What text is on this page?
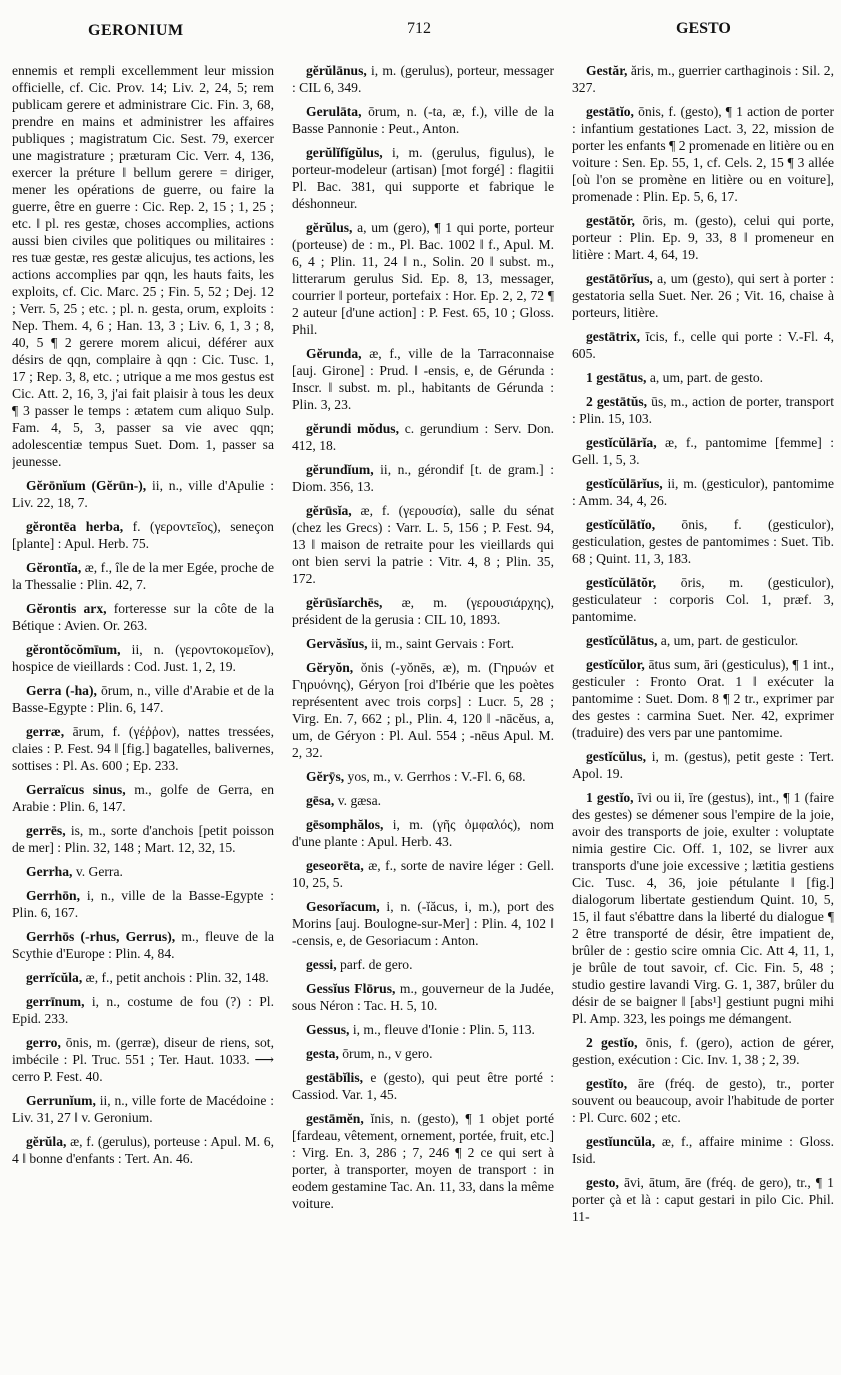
GERONIUM	712	GESTO

ennemis et rempli excellemment leur mission officielle, cf. Cic. Prov. 14; Liv. 2, 24, 5; rem publicam gerere et administrare Cic. Fin. 3, 68, prendre en mains et administrer les affaires publiques ; magistratum Cic. Sest. 79, exercer une magistrature ; præturam Cic. Verr. 4, 136, exercer la préture ‖ bellum gerere = diriger, mener les opérations de guerre, ou faire la guerre, être en guerre : Cic. Rep. 2, 15 ; 1, 25 ; etc. ‖ pl. res gestæ, choses accomplies, actions aussi bien civiles que politiques ou militaires : res tuæ gestæ, res gestæ alicujus, tes actions, les actions accomplies par qqn, les hauts faits, les exploits, cf. Cic. Marc. 25 ; Fin. 5, 52 ; Dej. 12 ; Verr. 5, 25 ; etc. ; pl. n. gesta, orum, exploits : Nep. Them. 4, 6 ; Han. 13, 3 ; Liv. 6, 1, 3 ; 8, 40, 5 ¶ 2 gerere morem alicui, déférer aux désirs de qqn, complaire à qqn : Cic. Tusc. 1, 17 ; Rep. 3, 8, etc. ; utrique a me mos gestus est Cic. Att. 2, 16, 3, j'ai fait plaisir à tous les deux ¶ 3 passer le temps : ætatem cum aliquo Sulp. Fam. 4, 5, 3, passer sa vie avec qqn; adolescentiæ tempus Suet. Dom. 1, passer sa jeunesse.

Gĕrōnĭum (Gĕrūn-), ii, n., ville d'Apulie : Liv. 22, 18, 7.

gĕrontēa herba, f. (γεροντεῖος), seneçon [plante] : Apul. Herb. 75.

Gĕrontĭa, æ, f., île de la mer Egée, proche de la Thessalie : Plin. 42, 7.

Gĕrontis arx, forteresse sur la côte de la Bétique : Avien. Or. 263.

gĕrontŏcŏmīum, ii, n. (γεροντοκομεῖον), hospice de vieillards : Cod. Just. 1, 2, 19.

Gerra (-ha), ōrum, n., ville d'Arabie et de la Basse-Egypte : Plin. 6, 147.

gerræ, ārum, f. (γέῤῥον), nattes tressées, claies : P. Fest. 94 ‖ [fig.] bagatelles, balivernes, sottises : Pl. As. 600 ; Ep. 233.

Gerraïcus sinus, m., golfe de Gerra, en Arabie : Plin. 6, 147.

gerrēs, is, m., sorte d'anchois [petit poisson de mer] : Plin. 32, 148 ; Mart. 12, 32, 15.

Gerrha, v. Gerra.

Gerrhōn, i, n., ville de la Basse-Egypte : Plin. 6, 167.

Gerrhōs (-rhus, Gerrus), m., fleuve de la Scythie d'Europe : Plin. 4, 84.

gerrĭcŭla, æ, f., petit anchois : Plin. 32, 148.

gerrīnum, i, n., costume de fou (?) : Pl. Epid. 233.

gerro, ōnis, m. (gerræ), diseur de riens, sot, imbécile : Pl. Truc. 551 ; Ter. Haut. 1033. ⟶ cerro P. Fest. 40.

Gerrunĭum, ii, n., ville forte de Macédoine : Liv. 31, 27 ‖ v. Geronium.

gĕrŭla, æ, f. (gerulus), porteuse : Apul. M. 6, 4 ‖ bonne d'enfants : Tert. An. 46.

gĕrŭlānus, i, m. (gerulus), porteur, messager : CIL 6, 349.

Gerulāta, ōrum, n. (-ta, æ, f.), ville de la Basse Pannonie : Peut., Anton.

gerŭlĭfĭgŭlus, i, m. (gerulus, figulus), le porteur-modeleur (artisan) [mot forgé] : flagitii Pl. Bac. 381, qui supporte et fabrique le déshonneur.

gĕrŭlus, a, um (gero), ¶ 1 qui porte, porteur (porteuse) de : m., Pl. Bac. 1002 ‖ f., Apul. M. 6, 4 ; Plin. 11, 24 ‖ n., Solin. 20 ‖ subst. m., litterarum gerulus Sid. Ep. 8, 13, messager, courrier ‖ porteur, portefaix : Hor. Ep. 2, 2, 72 ¶ 2 auteur [d'une action] : P. Fest. 65, 10 ; Gloss. Phil.

Gĕrunda, æ, f., ville de la Tarraconnaise [auj. Girone] : Prud. ‖ -ensis, e, de Gérunda : Inscr. ‖ subst. m. pl., habitants de Gérunda : Plin. 3, 23.

gĕrundi mŏdus, c. gerundium : Serv. Don. 412, 18.

gĕrundĭum, ii, n., gérondif [t. de gram.] : Diom. 356, 13.

gĕrūsĭa, æ, f. (γερουσία), salle du sénat (chez les Grecs) : Varr. L. 5, 156 ; P. Fest. 94, 13 ‖ maison de retraite pour les vieillards qui ont bien servi la patrie : Vitr. 4, 8 ; Plin. 35, 172.

gĕrūsĭarchēs, æ, m. (γερουσιάρχης), président de la gerusia : CIL 10, 1893.

Gervăsĭus, ii, m., saint Gervais : Fort.

Gĕryŏn, ŏnis (-yŏnēs, æ), m. (Γηρυών et Γηρυόνης), Géryon [roi d'Ibérie que les poètes représentent avec trois corps] : Lucr. 5, 28 ; Virg. En. 7, 662 ; pl., Plin. 4, 120 ‖ -nācĕus, a, um, de Géryon : Pl. Aul. 554 ; -nēus Apul. M. 2, 32.

Gĕrȳs, yos, m., v. Gerrhos : V.-Fl. 6, 68.

gēsa, v. gæsa.

gēsomphălos, i, m. (γῆς ὀμφαλός), nom d'une plante : Apul. Herb. 43.

geseorēta, æ, f., sorte de navire léger : Gell. 10, 25, 5.

Gesorĭacum, i, n. (-ĭăcus, i, m.), port des Morins [auj. Boulogne-sur-Mer] : Plin. 4, 102 ‖ -censis, e, de Gesoriacum : Anton.

gessi, parf. de gero.

Gessĭus Flōrus, m., gouverneur de la Judée, sous Néron : Tac. H. 5, 10.

Gessus, i, m., fleuve d'Ionie : Plin. 5, 113.

gesta, ōrum, n., v gero.

gestābĭlis, e (gesto), qui peut être porté : Cassiod. Var. 1, 45.

gestāmĕn, ĭnis, n. (gesto), ¶ 1 objet porté [fardeau, vêtement, ornement, portée, fruit, etc.] : Virg. En. 3, 286 ; 7, 246 ¶ 2 ce qui sert à porter, à transporter, moyen de transport : in eodem gestamine Tac. An. 11, 33, dans la même voiture.

Gestăr, ăris, m., guerrier carthaginois : Sil. 2, 327.

gestātĭo, ōnis, f. (gesto), ¶ 1 action de porter : infantium gestationes Lact. 3, 22, mission de porter les enfants ¶ 2 promenade en litière ou en voiture : Sen. Ep. 55, 1, cf. Cels. 2, 15 ¶ 3 allée [où l'on se promène en litière ou en voiture], promenade : Plin. Ep. 5, 6, 17.

gestātŏr, ōris, m. (gesto), celui qui porte, porteur : Plin. Ep. 9, 33, 8 ‖ promeneur en litière : Mart. 4, 64, 19.

gestātōrĭus, a, um (gesto), qui sert à porter : gestatoria sella Suet. Ner. 26 ; Vit. 16, chaise à porteurs, litière.

gestātrix, īcis, f., celle qui porte : V.-Fl. 4, 605.

1 gestātus, a, um, part. de gesto.

2 gestātŭs, ūs, m., action de porter, transport : Plin. 15, 103.

gestĭcŭlārĭa, æ, f., pantomime [femme] : Gell. 1, 5, 3.

gestĭcŭlārĭus, ii, m. (gesticulor), pantomime : Amm. 34, 4, 26.

gestĭcŭlātĭo, ōnis, f. (gesticulor), gesticulation, gestes de pantomimes : Suet. Tib. 68 ; Quint. 11, 3, 183.

gestĭcŭlātŏr, ōris, m. (gesticulor), gesticulateur : corporis Col. 1, præf. 3, pantomime.

gestĭcŭlātus, a, um, part. de gesticulor.

gestĭcŭlor, ātus sum, āri (gesticulus), ¶ 1 int., gesticuler : Fronto Orat. 1 ‖ exécuter la pantomime : Suet. Dom. 8 ¶ 2 tr., exprimer par des gestes : carmina Suet. Ner. 42, exprimer (traduire) des vers par une pantomime.

gestĭcŭlus, i, m. (gestus), petit geste : Tert. Apol. 19.

1 gestĭo, īvi ou ii, īre (gestus), int., ¶ 1 (faire des gestes) se démener sous l'empire de la joie, avoir des transports de joie, exulter : voluptate nimia gestire Cic. Off. 1, 102, se livrer aux transports d'une joie excessive ; lætitia gestiens Cic. Tusc. 4, 36, joie pétulante ‖ [fig.] dialogorum libertate gestiendum Quint. 10, 5, 15, il faut s'ébattre dans la liberté du dialogue ¶ 2 être transporté de désir, être impatient de, brûler de : gestio scire omnia Cic. Att 4, 11, 1, je brûle de tout savoir, cf. Cic. Fin. 5, 48 ; studio gestire lavandi Virg. G. 1, 387, brûler du désir de se baigner ‖ [abs¹] gestiunt pugni mihi Pl. Amp. 323, les poings me démangent.

2 gestĭo, ōnis, f. (gero), action de gérer, gestion, exécution : Cic. Inv. 1, 38 ; 2, 39.

gestĭto, āre (fréq. de gesto), tr., porter souvent ou beaucoup, avoir l'habitude de porter : Pl. Curc. 602 ; etc.

gestĭuncŭla, æ, f., affaire minime : Gloss. Isid.

gesto, āvi, ātum, āre (fréq. de gero), tr., ¶ 1 porter çà et là : caput gestari in pilo Cic. Phil. 11-
